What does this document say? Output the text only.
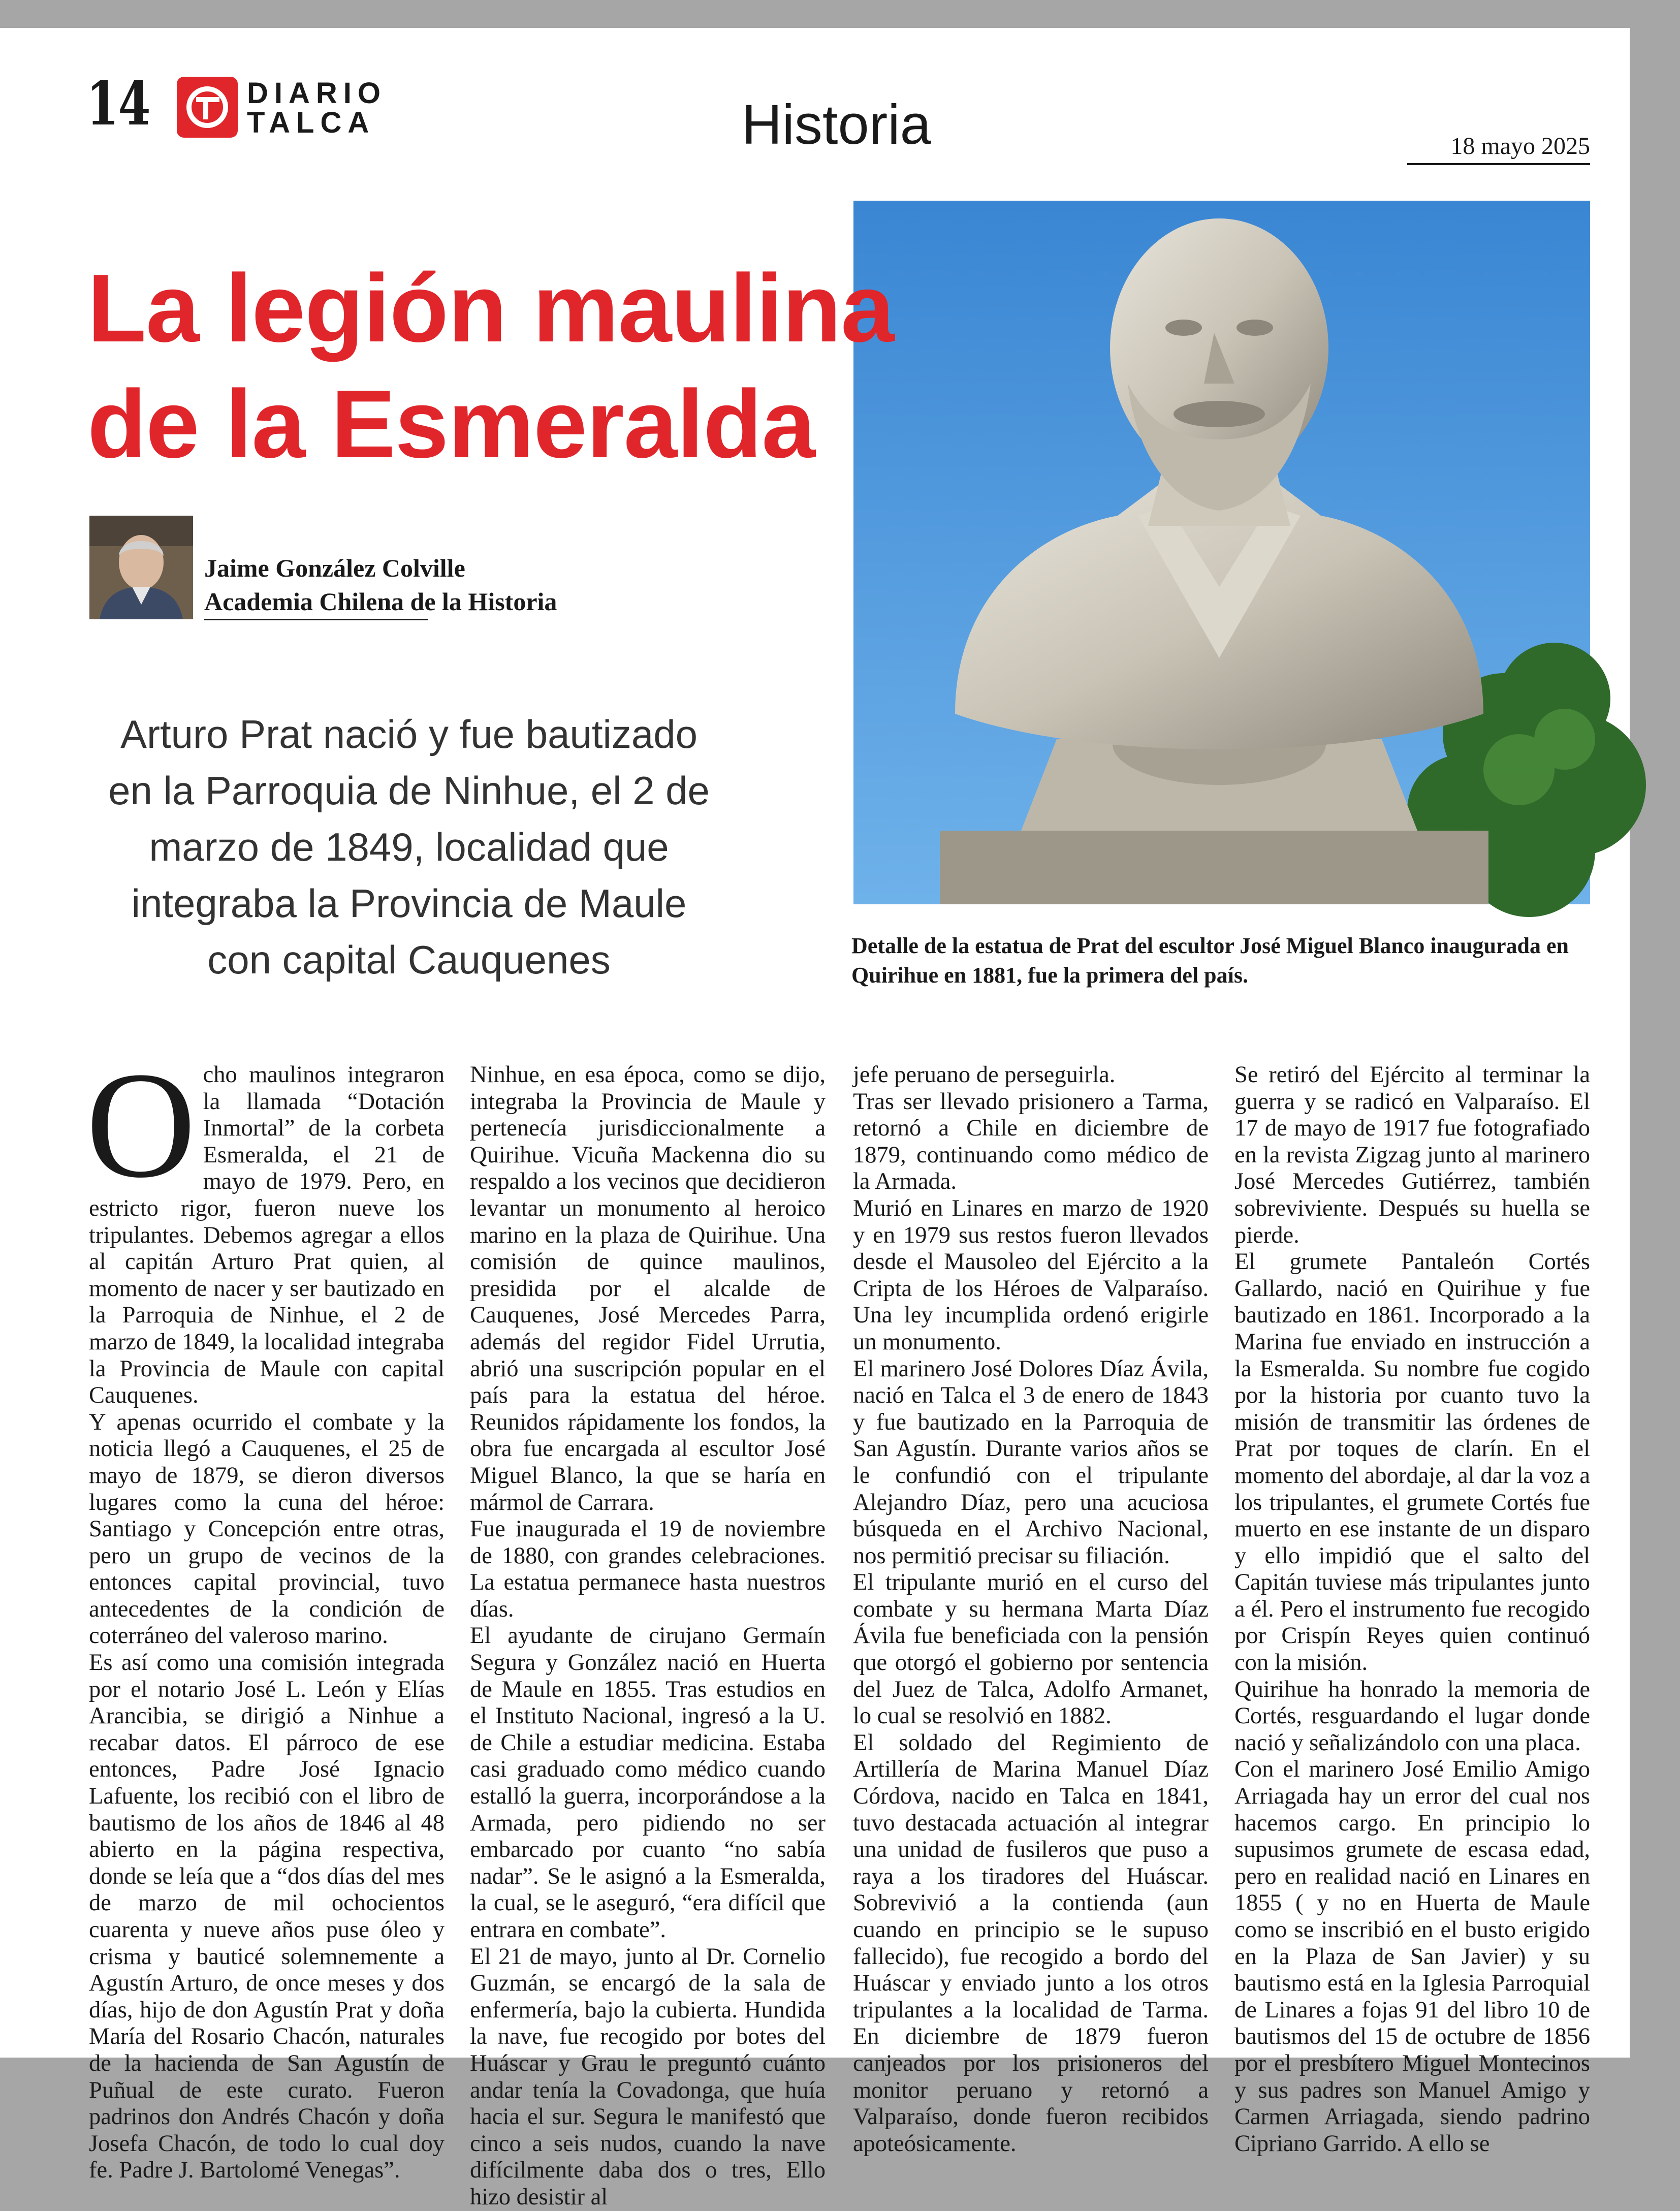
14	DIARIO
TALCA	Historia	18 mayo 2025
La legión maulina
de la Esmeralda
Jaime González Colville
Academia Chilena de la Historia

Arturo Prat nació y fue bautizado en la Parroquia de Ninhue, el 2 de marzo de 1849, localidad que integraba la Provincia de Maule con capital Cauquenes	Detalle de la estatua de Prat del escultor José Miguel Blanco inaugurada en Quirihue en 1881, fue la primera del país.

Ocho maulinos integraron la llamada “Dotación Inmortal” de la corbeta Esmeralda, el 21 de mayo de 1979. Pero, en estricto rigor, fueron nueve los tripulantes. Debemos agregar a ellos al capitán Arturo Prat quien, al momento de nacer y ser bautizado en la Parroquia de Ninhue, el 2 de marzo de 1849, la localidad integraba la Provincia de Maule con capital Cauquenes.

Y apenas ocurrido el combate y la noticia llegó a Cauquenes, el 25 de mayo de 1879, se dieron diversos lugares como la cuna del héroe: Santiago y Concepción entre otras, pero un grupo de vecinos de la entonces capital provincial, tuvo antecedentes de la condición de coterráneo del valeroso marino.

Es así como una comisión integrada por el notario José L. León y Elías Arancibia, se dirigió a Ninhue a recabar datos. El párroco de ese entonces, Padre José Ignacio Lafuente, los recibió con el libro de bautismo de los años de 1846 al 48 abierto en la página respectiva, donde se leía que a “dos días del mes de marzo de mil ochocientos cuarenta y nueve años puse óleo y crisma y bauticé solemnemente a Agustín Arturo, de once meses y dos días, hijo de don Agustín Prat y doña María del Rosario Chacón, naturales de la hacienda de San Agustín de Puñual de este curato. Fueron padrinos don Andrés Chacón y doña Josefa Chacón, de todo lo cual doy fe. Padre J. Bartolomé Venegas”.

Ninhue, en esa época, como se dijo, integraba la Provincia de Maule y pertenecía jurisdiccionalmente a Quirihue. Vicuña Mackenna dio su respaldo a los vecinos que decidieron levantar un monumento al heroico marino en la plaza de Quirihue. Una comisión de quince maulinos, presidida por el alcalde de Cauquenes, José Mercedes Parra, además del regidor Fidel Urrutia, abrió una suscripción popular en el país para la estatua del héroe. Reunidos rápidamente los fondos, la obra fue encargada al escultor José Miguel Blanco, la que se haría en mármol de Carrara.

Fue inaugurada el 19 de noviembre de 1880, con grandes celebraciones. La estatua permanece hasta nuestros días.

El ayudante de cirujano Germaín Segura y González nació en Huerta de Maule en 1855. Tras estudios en el Instituto Nacional, ingresó a la U. de Chile a estudiar medicina. Estaba casi graduado como médico cuando estalló la guerra, incorporándose a la Armada, pero pidiendo no ser embarcado por cuanto “no sabía nadar”. Se le asignó a la Esmeralda, la cual, se le aseguró, “era difícil que entrara en combate”.

El 21 de mayo, junto al Dr. Cornelio Guzmán, se encargó de la sala de enfermería, bajo la cubierta. Hundida la nave, fue recogido por botes del Huáscar y Grau le preguntó cuánto andar tenía la Covadonga, que huía hacia el sur. Segura le manifestó que cinco a seis nudos, cuando la nave difícilmente daba dos o tres, Ello hizo desistir al

jefe peruano de perseguirla.

Tras ser llevado prisionero a Tarma, retornó a Chile en diciembre de 1879, continuando como médico de la Armada.

Murió en Linares en marzo de 1920 y en 1979 sus restos fueron llevados desde el Mausoleo del Ejército a la Cripta de los Héroes de Valparaíso. Una ley incumplida ordenó erigirle un monumento.

El marinero José Dolores Díaz Ávila, nació en Talca el 3 de enero de 1843 y fue bautizado en la Parroquia de San Agustín. Durante varios años se le confundió con el tripulante Alejandro Díaz, pero una acuciosa búsqueda en el Archivo Nacional, nos permitió precisar su filiación.

El tripulante murió en el curso del combate y su hermana Marta Díaz Ávila fue beneficiada con la pensión que otorgó el gobierno por sentencia del Juez de Talca, Adolfo Armanet, lo cual se resolvió en 1882.

El soldado del Regimiento de Artillería de Marina Manuel Díaz Córdova, nacido en Talca en 1841, tuvo destacada actuación al integrar una unidad de fusileros que puso a raya a los tiradores del Huáscar. Sobrevivió a la contienda (aun cuando en principio se le supuso fallecido), fue recogido a bordo del Huáscar y enviado junto a los otros tripulantes a la localidad de Tarma. En diciembre de 1879 fueron canjeados por los prisioneros del monitor peruano y retornó a Valparaíso, donde fueron recibidos apoteósicamente.

Se retiró del Ejército al terminar la guerra y se radicó en Valparaíso. El 17 de mayo de 1917 fue fotografiado en la revista Zigzag junto al marinero José Mercedes Gutiérrez, también sobreviviente. Después su huella se pierde.

El grumete Pantaleón Cortés Gallardo, nació en Quirihue y fue bautizado en 1861. Incorporado a la Marina fue enviado en instrucción a la Esmeralda. Su nombre fue cogido por la historia por cuanto tuvo la misión de transmitir las órdenes de Prat por toques de clarín. En el momento del abordaje, al dar la voz a los tripulantes, el grumete Cortés fue muerto en ese instante de un disparo y ello impidió que el salto del Capitán tuviese más tripulantes junto a él. Pero el instrumento fue recogido por Crispín Reyes quien continuó con la misión.

Quirihue ha honrado la memoria de Cortés, resguardando el lugar donde nació y señalizándolo con una placa.

Con el marinero José Emilio Amigo Arriagada hay un error del cual nos hacemos cargo. En principio lo supusimos grumete de escasa edad, pero en realidad nació en Linares en 1855 ( y no en Huerta de Maule como se inscribió en el busto erigido en la Plaza de San Javier) y su bautismo está en la Iglesia Parroquial de Linares a fojas 91 del libro 10 de bautismos del 15 de octubre de 1856 por el presbítero Miguel Montecinos y sus padres son Manuel Amigo y Carmen Arriagada, siendo padrino Cipriano Garrido. A ello se
